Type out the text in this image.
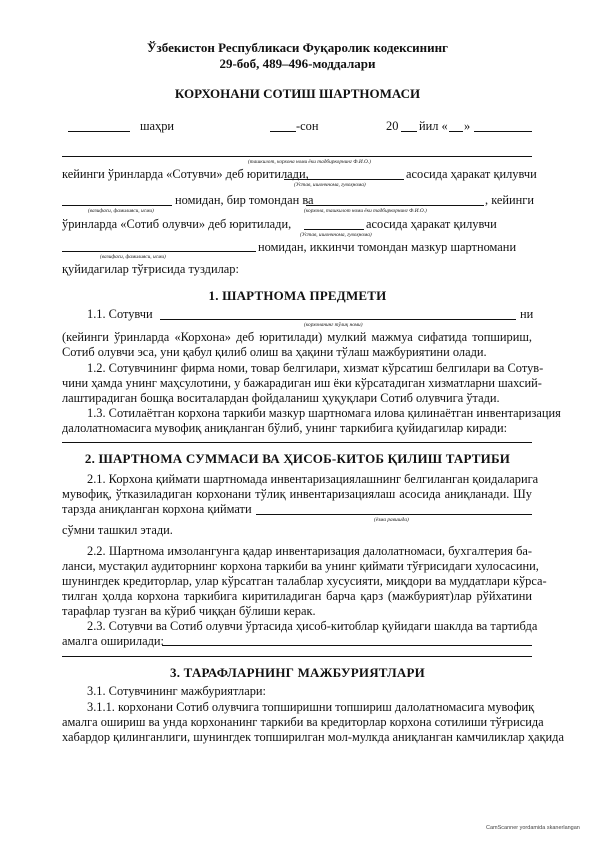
Ўзбекистон Республикаси Фуқаролик кодексининг
29-боб, 489–496-моддалари
КОРХОНАНИ СОТИШ ШАРТНОМАСИ
шаҳри	-сон	20 йил « »
(ташкилот, корхона номи ёки тадбиркорнинг Ф.И.О.)
кейинги ўринларда «Сотувчи» деб юритилади,	асосида ҳаракат қилувчи
(Устав, ишончнома, гувоҳнома)
номидан, бир томондан ва	, кейинги
(вазифаси, фамилияси, исми)	(корхона, ташкилот номи ёки тадбиркорнинг Ф.И.О.)
ўринларда «Сотиб олувчи» деб юритилади,	асосида ҳаракат қилувчи
(Устав, ишончнома, гувоҳнома)
номидан, иккинчи томондан мазкур шартномани
(вазифаси, фамилияси, исми)
қуйидагилар тўғрисида туздилар:
1. ШАРТНОМА ПРЕДМЕТИ
1.1. Сотувчи	ни
(корхонанинг тўлиқ номи)
(кейинги ўринларда «Корхона» деб юритилади) мулкий мажмуа сифатида топшириш,
Сотиб олувчи эса, уни қабул қилиб олиш ва ҳақини тўлаш мажбуриятини олади.
1.2. Сотувчининг фирма номи, товар белгилари, хизмат кўрсатиш белгилари ва Сотув-
чини ҳамда унинг маҳсулотини, у бажарадиган иш ёки кўрсатадиган хизматларни шахсий-
лаштирадиган бошқа воситалардан фойдаланиш ҳуқуқлари Сотиб олувчига ўтади.
1.3. Сотилаётган корхона таркиби мазкур шартномага илова қилинаётган инвентаризация
далолатномасига мувофиқ аниқланган бўлиб, унинг таркибига қуйидагилар киради:
2. ШАРТНОМА СУММАСИ ВА ҲИСОБ-КИТОБ ҚИЛИШ ТАРТИБИ
2.1. Корхона қиймати шартномада инвентаризациялашнинг белгиланган қоидаларига
мувофиқ, ўтказиладиган корхонани тўлиқ инвентаризациялаш асосида аниқланади. Шу
тарзда аниқланган корхона қиймати
(ёзма равишда)
сўмни ташкил этади.
2.2. Шартнома имзолангунга қадар инвентаризация далолатномаси, бухгалтерия ба-
ланси, мустақил аудиторнинг корхона таркиби ва унинг қиймати тўғрисидаги хулосасини,
шунингдек кредиторлар, улар кўрсатган талаблар хусусияти, миқдори ва муддатлари кўрса-
тилган ҳолда корхона таркибига киритиладиган барча қарз (мажбурият)лар рўйхатини
тарафлар тузган ва кўриб чиққан бўлиши керак.
2.3. Сотувчи ва Сотиб олувчи ўртасида ҳисоб-китоблар қуйидаги шаклда ва тартибда
амалга оширилади:
3. ТАРАФЛАРНИНГ МАЖБУРИЯТЛАРИ
3.1. Сотувчининг мажбуриятлари:
3.1.1. корхонани Сотиб олувчига топширишни топшириш далолатномасига мувофиқ
амалга ошириш ва унда корхонанинг таркиби ва кредиторлар корхона сотилиши тўғрисида
хабардор қилинганлиги, шунингдек топширилган мол-мулкда аниқланган камчиликлар ҳақида
CamScanner yordamida skanerlangan
